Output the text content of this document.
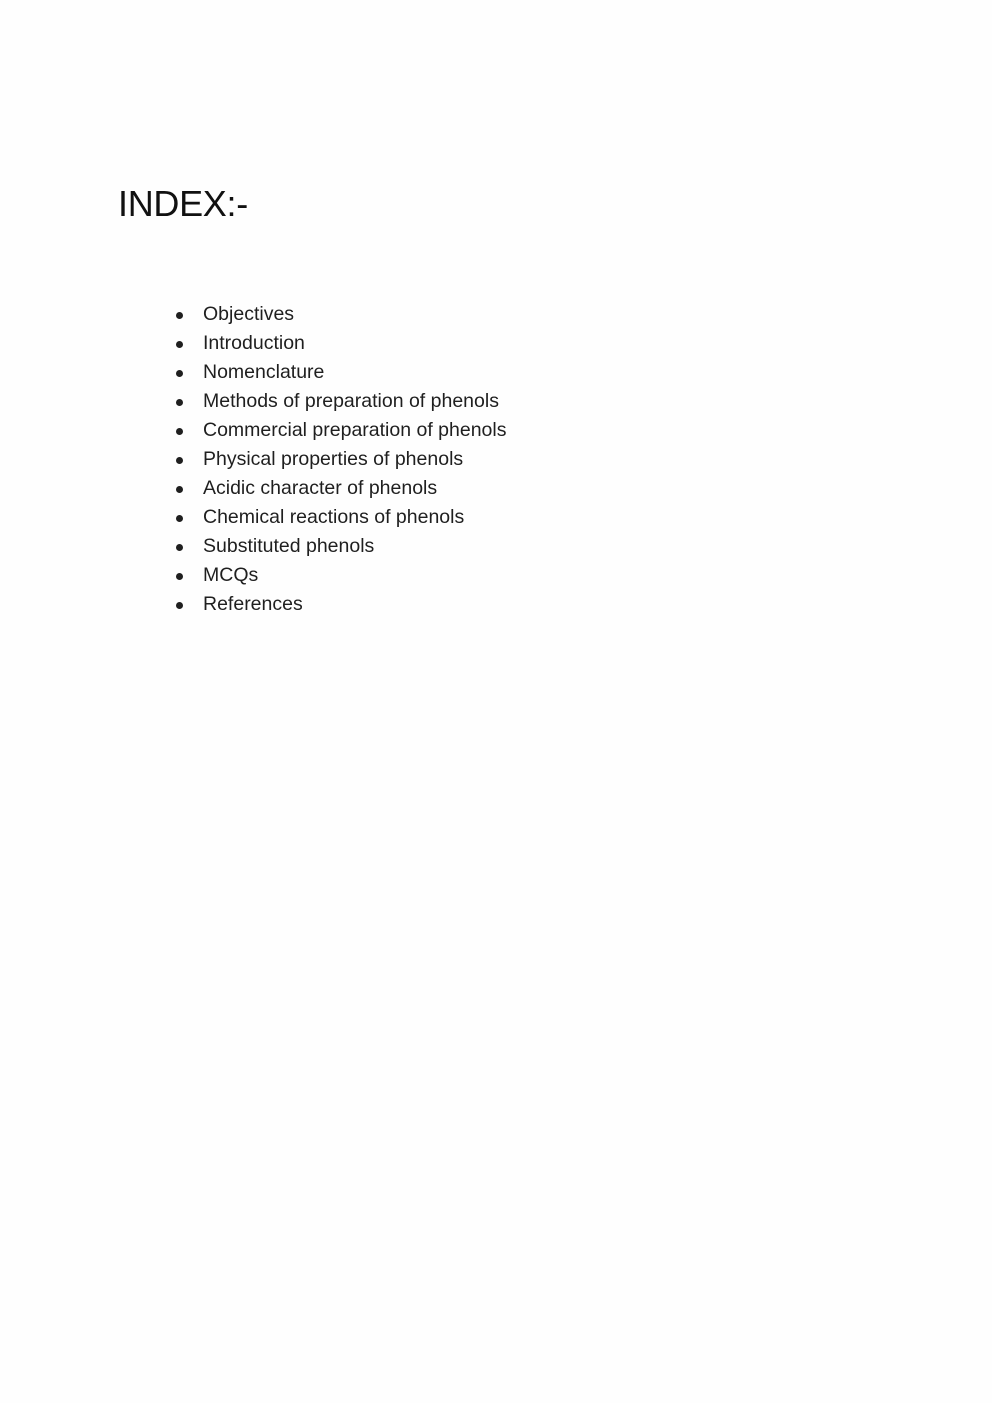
INDEX:-
Objectives
Introduction
Nomenclature
Methods of preparation of phenols
Commercial preparation of phenols
Physical properties of phenols
Acidic character of phenols
Chemical reactions of phenols
Substituted phenols
MCQs
References
